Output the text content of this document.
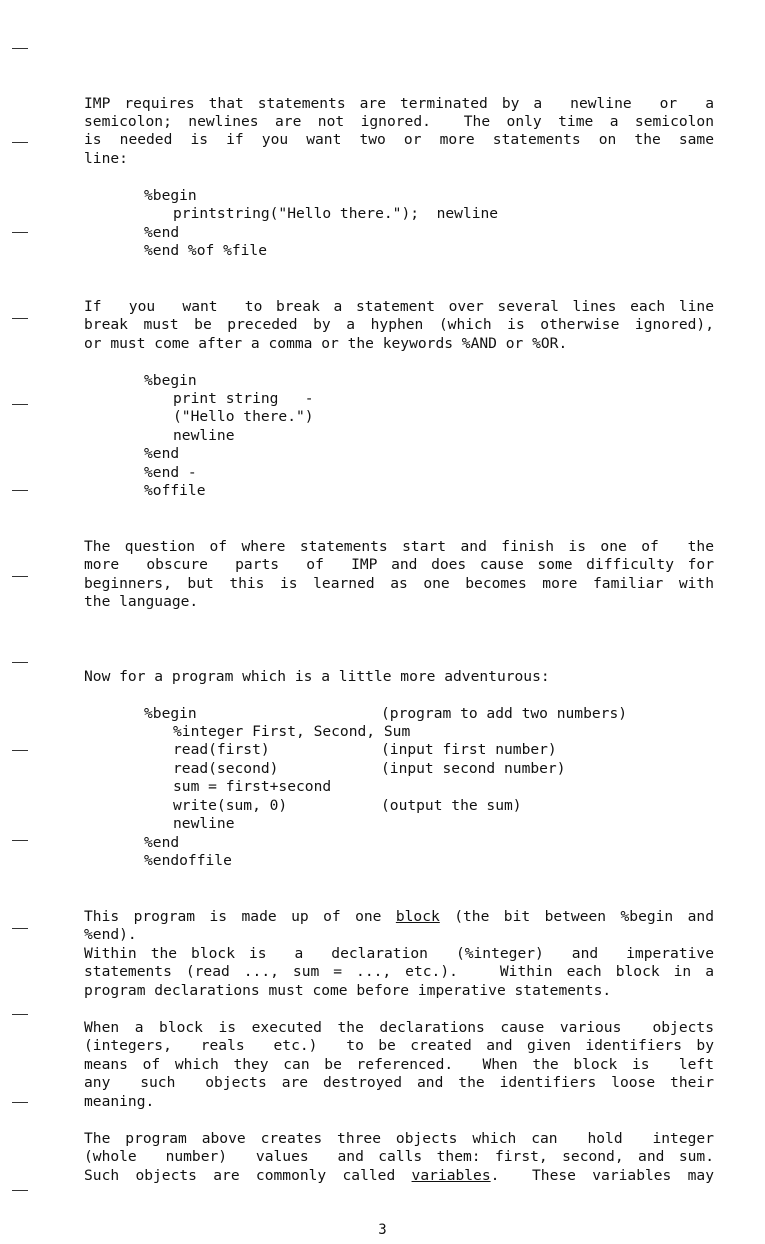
IMP requires that statements are terminated by a  newline  or  a
semicolon; newlines are not ignored.  The only time a semicolon
is needed is if you want two or more statements on the same
line:
%begin
printstring("Hello there.");  newline
%end
%end %of %file
If  you  want  to break a statement over several lines each line
break must be preceded by a hyphen (which is otherwise ignored),
or must come after a comma or the keywords %AND or %OR.
%begin
print string   -
("Hello there.")
newline
%end
%end -
%offile
The question of where statements start and finish is one of  the
more  obscure  parts  of  IMP and does cause some difficulty for
beginners, but this is learned as one becomes more familiar with
the language.
Now for a program which is a little more adventurous:
%begin	(program to add two numbers)
%integer First, Second, Sum
read(first)	(input first number)
read(second)	(input second number)
sum = first+second
write(sum, 0)	(output the sum)
newline
%end
%endoffile
This program is made up of one block (the bit between %begin and
%end).
Within the block is  a  declaration  (%integer)  and  imperative
statements (read ..., sum = ..., etc.).   Within each block in a
program declarations must come before imperative statements.
When a block is executed the declarations cause various  objects
(integers,  reals  etc.)  to be created and given identifiers by
means of which they can be referenced.  When the block is  left
any  such  objects are destroyed and the identifiers loose their
meaning.
The program above creates three objects which can  hold  integer
(whole  number)  values  and calls them: first, second, and sum.
Such objects are commonly called variables.  These variables may
3
